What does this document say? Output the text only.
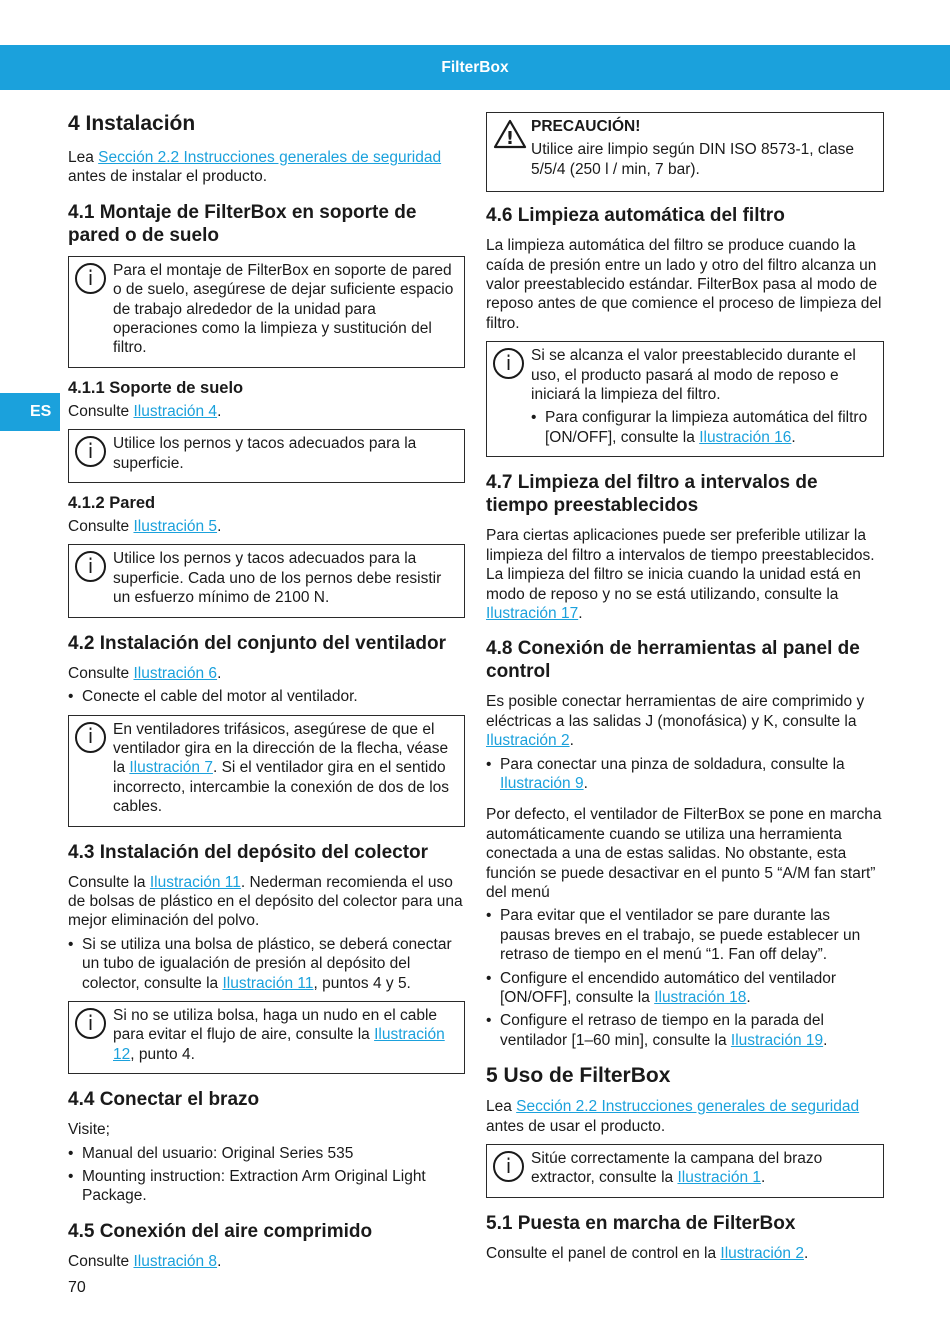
FilterBox
ES
4 Instalación

Lea Sección 2.2 Instrucciones generales de seguridad antes de instalar el producto.

4.1 Montaje de FilterBox en soporte de pared o de suelo
i	Para el montaje de FilterBox en soporte de pared o de suelo, asegúrese de dejar suficiente espacio de trabajo alrededor de la unidad para operaciones como la limpieza y sustitución del filtro.

4.1.1 Soporte de suelo

Consulte Ilustración 4.

i	Utilice los pernos y tacos adecuados para la superficie.

4.1.2 Pared

Consulte Ilustración 5.

i	Utilice los pernos y tacos adecuados para la superficie. Cada uno de los pernos debe resistir un esfuerzo mínimo de 2100 N.

4.2 Instalación del conjunto del ventilador

Consulte Ilustración 6.

• Conecte el cable del motor al ventilador.
i	En ventiladores trifásicos, asegúrese de que el ventilador gira en la dirección de la flecha, véase la Ilustración 7. Si el ventilador gira en el sentido incorrecto, intercambie la conexión de dos de los cables.

4.3 Instalación del depósito del colector

Consulte la Ilustración 11. Nederman recomienda el uso de bolsas de plástico en el depósito del colector para una mejor eliminación del polvo.

• Si se utiliza una bolsa de plástico, se deberá conectar un tubo de igualación de presión al depósito del colector, consulte la Ilustración 11, puntos 4 y 5.
i	Si no se utiliza bolsa, haga un nudo en el cable para evitar el flujo de aire, consulte la Ilustración 12, punto 4.

4.4 Conectar el brazo

Visite;

• Manual del usuario: Original Series 535
• Mounting instruction: Extraction Arm Original Light Package.
4.5 Conexión del aire comprimido

Consulte Ilustración 8.

!

PRECAUCIÓN!

Utilice aire limpio según DIN ISO 8573-1, clase 5/5/4 (250 l / min, 7 bar).

4.6 Limpieza automática del filtro

La limpieza automática del filtro se produce cuando la caída de presión entre un lado y otro del filtro alcanza un valor preestablecido estándar. FilterBox pasa al modo de reposo antes de que comience el proceso de limpieza del filtro.

i	Si se alcanza el valor preestablecido durante el uso, el producto pasará al modo de reposo e iniciará la limpieza del filtro.

• Para configurar la limpieza automática del filtro [ON/OFF], consulte la Ilustración 16.
4.7 Limpieza del filtro a intervalos de tiempo preestablecidos

Para ciertas aplicaciones puede ser preferible utilizar la limpieza del filtro a intervalos de tiempo preestablecidos. La limpieza del filtro se inicia cuando la unidad está en modo de reposo y no se está utilizando, consulte la Ilustración 17.

4.8 Conexión de herramientas al panel de control

Es posible conectar herramientas de aire comprimido y eléctricas a las salidas J (monofásica) y K, consulte la Ilustración 2.

• Para conectar una pinza de soldadura, consulte la Ilustración 9.

Por defecto, el ventilador de FilterBox se pone en marcha automáticamente cuando se utiliza una herramienta conectada a una de estas salidas. No obstante, esta función se puede desactivar en el punto 5 “A/M fan start” del menú

• Para evitar que el ventilador se pare durante las pausas breves en el trabajo, se puede establecer un retraso de tiempo en el menú “1. Fan off delay”.
• Configure el encendido automático del ventilador [ON/OFF], consulte la Ilustración 18.
• Configure el retraso de tiempo en la parada del ventilador [1–60 min], consulte la Ilustración 19.
5 Uso de FilterBox

Lea Sección 2.2 Instrucciones generales de seguridad antes de usar el producto.

i	Sitúe correctamente la campana del brazo extractor, consulte la Ilustración 1.

5.1 Puesta en marcha de FilterBox

Consulte el panel de control en la Ilustración 2.

70
